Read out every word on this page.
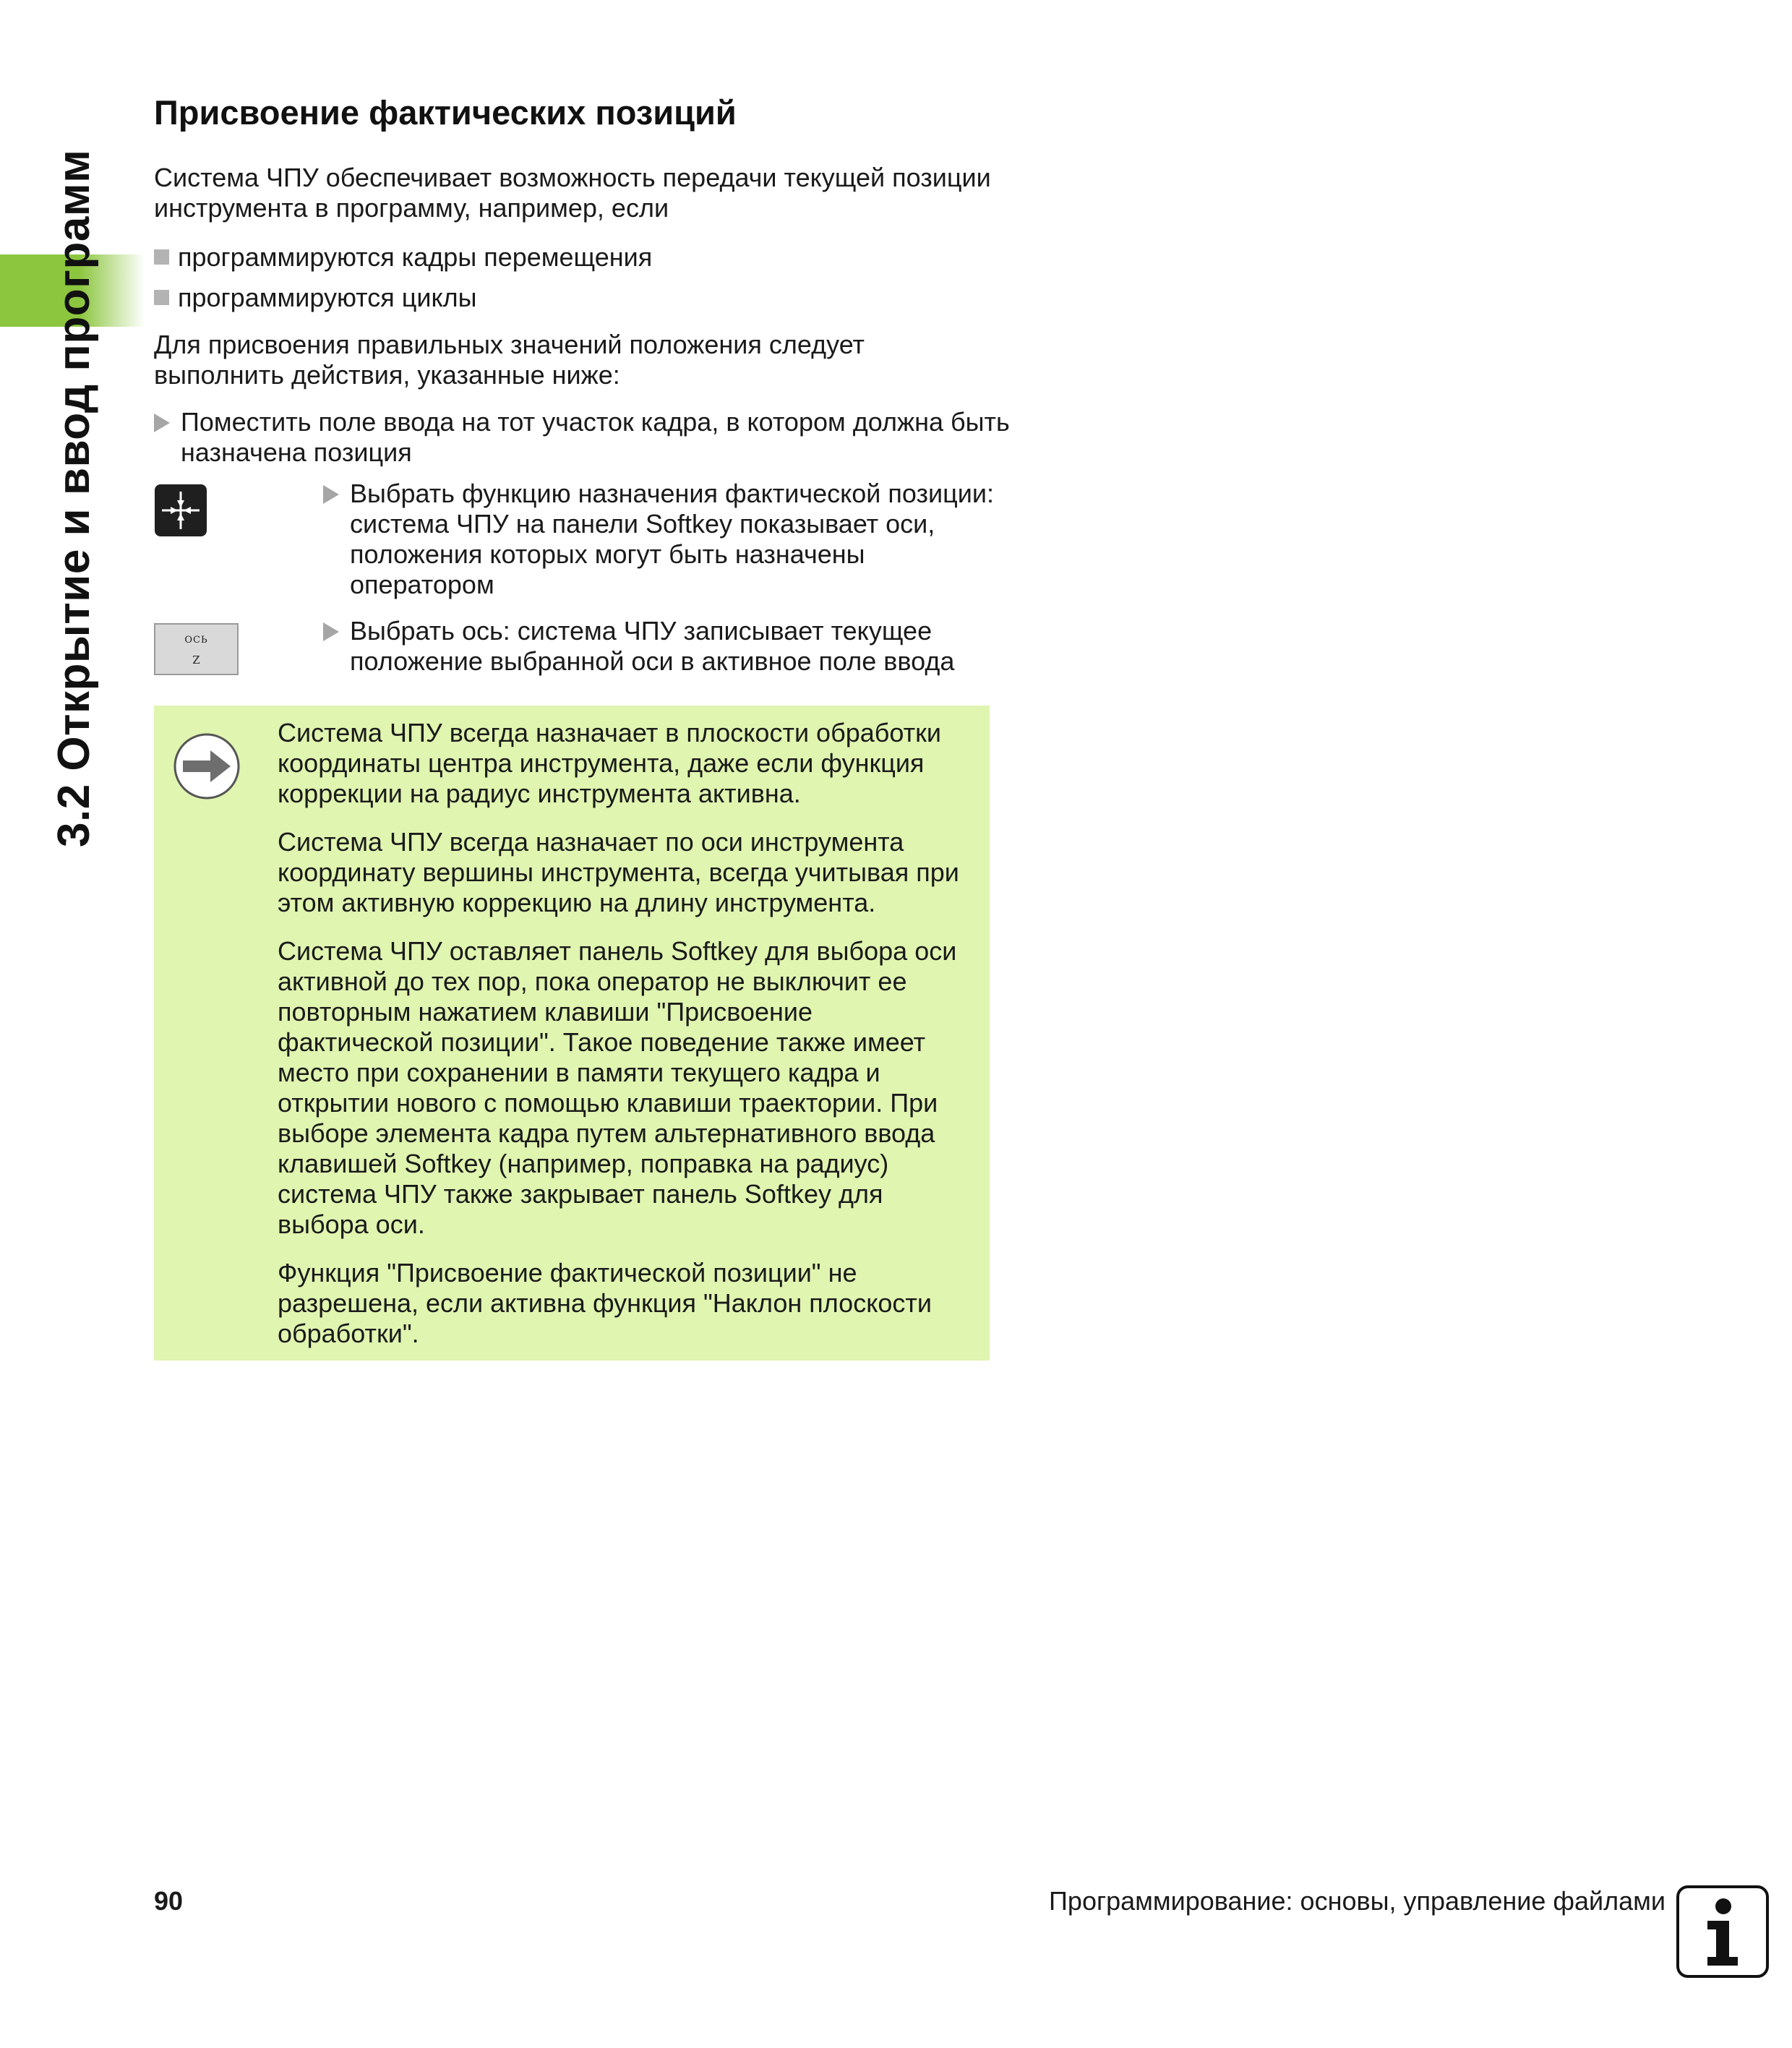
3.2 Открытие и ввод программ
Присвоение фактических позиций

Система ЧПУ обеспечивает возможность передачи текущей позиции инструмента в программу, например, если

программируются кадры перемещения
программируются циклы

Для присвоения правильных значений положения следует выполнить действия, указанные ниже:

Поместить поле ввода на тот участок кадра, в котором должна быть назначена позиция
Выбрать функцию назначения фактической позиции: система ЧПУ на панели Softkey показывает оси, положения которых могут быть назначены оператором
ОСЬ
Z
Выбрать ось: система ЧПУ записывает текущее положение выбранной оси в активное поле ввода

Система ЧПУ всегда назначает в плоскости обработки координаты центра инструмента, даже если функция коррекции на радиус инструмента активна.

Система ЧПУ всегда назначает по оси инструмента координату вершины инструмента, всегда учитывая при этом активную коррекцию на длину инструмента.

Система ЧПУ оставляет панель Softkey для выбора оси активной до тех пор, пока оператор не выключит ее повторным нажатием клавиши "Присвоение фактической позиции". Такое поведение также имеет место при сохранении в памяти текущего кадра и открытии нового с помощью клавиши траектории. При выборе элемента кадра путем альтернативного ввода клавишей Softkey (например, поправка на радиус) система ЧПУ также закрывает панель Softkey для выбора оси.

Функция "Присвоение фактической позиции" не разрешена, если активна функция "Наклон плоскости обработки".

90	Программирование: основы, управление файлами
